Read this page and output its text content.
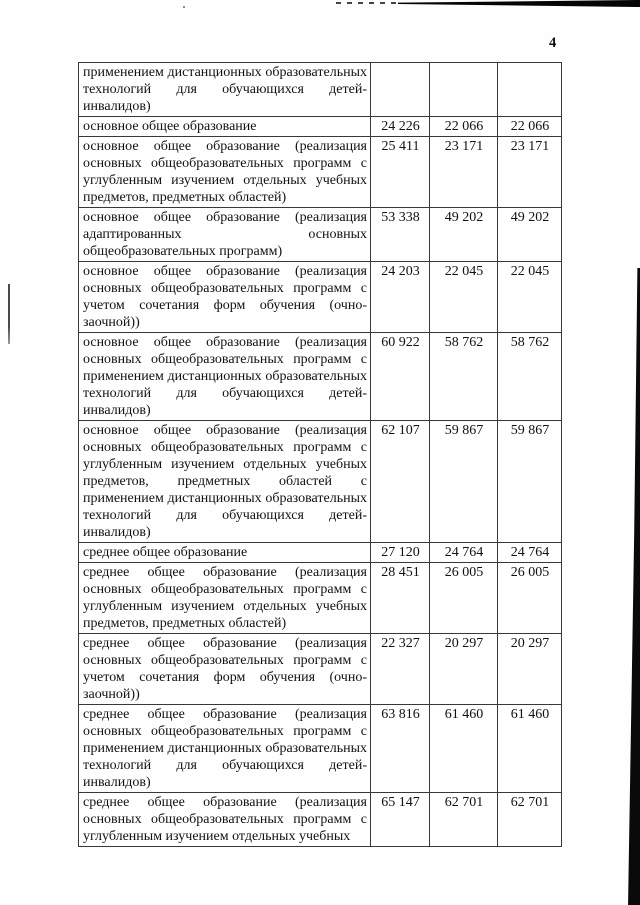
4
применением дистанционных образовательных технологий для обучающихся детей-инвалидов)			
основное общее образование	24 226	22 066	22 066
основное общее образование (реализация основных общеобразовательных программ с углубленным изучением отдельных учебных предметов, предметных областей)	25 411	23 171	23 171
основное общее образование (реализация адаптированных основных общеобразовательных программ)	53 338	49 202	49 202
основное общее образование (реализация основных общеобразовательных программ с учетом сочетания форм обучения (очно-заочной))	24 203	22 045	22 045
основное общее образование (реализация основных общеобразовательных программ с применением дистанционных образовательных технологий для обучающихся детей-инвалидов)	60 922	58 762	58 762
основное общее образование (реализация основных общеобразовательных программ с углубленным изучением отдельных учебных предметов, предметных областей с применением дистанционных образовательных технологий для обучающихся детей-инвалидов)	62 107	59 867	59 867
среднее общее образование	27 120	24 764	24 764
среднее общее образование (реализация основных общеобразовательных программ с углубленным изучением отдельных учебных предметов, предметных областей)	28 451	26 005	26 005
среднее общее образование (реализация основных общеобразовательных программ с учетом сочетания форм обучения (очно-заочной))	22 327	20 297	20 297
среднее общее образование (реализация основных общеобразовательных программ с применением дистанционных образовательных технологий для обучающихся детей-инвалидов)	63 816	61 460	61 460
среднее общее образование (реализация основных общеобразовательных программ с углубленным изучением отдельных учебных	65 147	62 701	62 701
